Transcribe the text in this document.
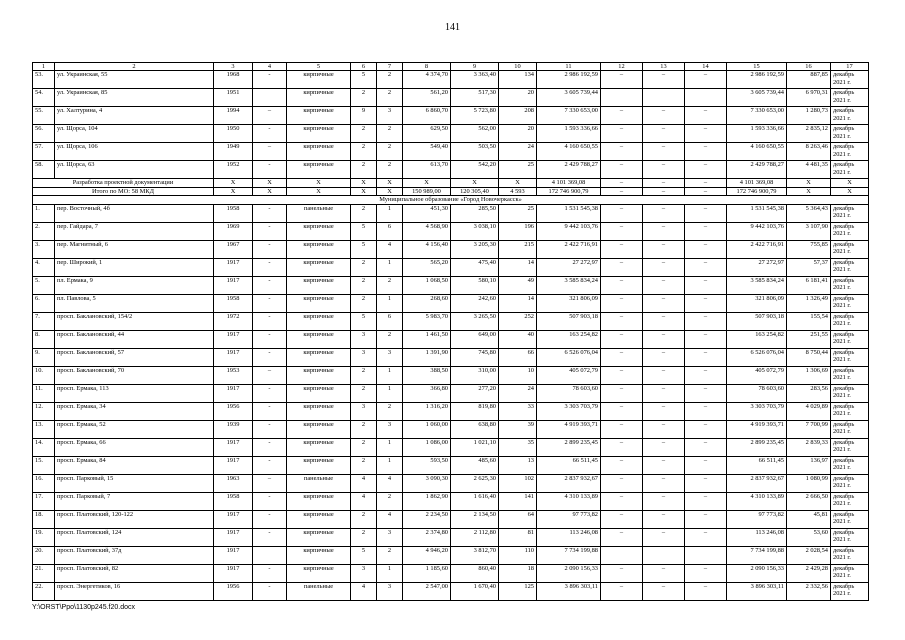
141
1	2	3	4	5	6	7	8	9	10	11	12	13	14	15	16	17
53.	ул. Украинская, 55	1968	-	кирпичные	5	2	4 374,70	3 363,40	134	2 986 192,59	–	–	–	2 986 192,59	887,85	декабрь 2021 г.
54.	ул. Украинская, 85	1951		кирпичные	2	2	561,20	517,30	20	3 605 739,44				3 605 739,44	6 970,31	декабрь 2021 г.
55.	ул. Халтурина, 4	1994	–	кирпичные	9	3	6 860,70	5 723,80	208	7 330 653,00	–	–	–	7 330 653,00	1 280,73	декабрь 2021 г.
56.	ул. Щорса, 104	1950	-	кирпичные	2	2	629,50	562,00	20	1 593 336,66	–	–	–	1 593 336,66	2 835,12	декабрь 2021 г.
57.	ул. Щорса, 106	1949	–	кирпичные	2	2	549,40	503,50	24	4 160 650,55	–	–	–	4 160 650,55	8 263,46	декабрь 2021 г.
58.	ул. Щорса, 63	1952	-	кирпичные	2	2	613,70	542,20	25	2 429 788,27	–	–	–	2 429 788,27	4 481,35	декабрь 2021 г.
Разработка проектной документации		X	X	X	X	X	X	X	X	4 101 369,08	–	–	–	4 101 369,08	X	X
Итого по МО: 58 МКД		X	X	X	X	X	150 989,00	120 305,40	4 593	172 746 900,79	–	–	–	172 746 900,79	X	X
Муниципальное образование «Город Новочеркасск»																
1.	пер. Восточный, 4б	1958	-	панельные	2	1	451,30	285,50	25	1 531 545,38	–	–	–	1 531 545,38	5 364,43	декабрь 2021 г.
2.	пер. Гайдара, 7	1969	-	кирпичные	5	6	4 568,90	3 038,10	196	9 442 103,76	–	–	–	9 442 103,76	3 107,90	декабрь 2021 г.
3.	пер. Магнитный, 6	1967	-	кирпичные	5	4	4 156,40	3 205,30	215	2 422 716,91	–	–	–	2 422 716,91	755,85	декабрь 2021 г.
4.	пер. Широкий, 1	1917	-	кирпичные	2	1	565,20	475,40	14	27 272,97	–	–	–	27 272,97	57,37	декабрь 2021 г.
5.	пл. Ермака, 9	1917	-	кирпичные	2	2	1 068,50	580,10	49	3 585 834,24	–	–	–	3 585 834,24	6 181,41	декабрь 2021 г.
6.	пл. Павлова, 5	1958	-	кирпичные	2	1	268,60	242,60	14	321 806,09	–	–	–	321 806,09	1 326,49	декабрь 2021 г.
7.	просп. Баклановский, 154/2	1972	-	кирпичные	5	6	5 983,70	3 265,50	252	507 903,18	–	–	–	507 903,18	155,54	декабрь 2021 г.
8.	просп. Баклановский, 44	1917	-	кирпичные	3	2	1 461,50	649,00	40	163 254,82	–	–	–	163 254,82	251,55	декабрь 2021 г.
9.	просп. Баклановский, 57	1917	-	кирпичные	3	3	1 391,90	745,80	66	6 526 076,04	–	–	–	6 526 076,04	8 750,44	декабрь 2021 г.
10.	просп. Баклановский, 70	1953	–	кирпичные	2	1	388,50	310,00	10	405 072,79	–	–	–	405 072,79	1 306,69	декабрь 2021 г.
11.	просп. Ермака, 113	1917	-	кирпичные	2	1	366,80	277,20	24	78 603,60	–	–	–	78 603,60	283,56	декабрь 2021 г.
12.	просп. Ермака, 34	1956	-	кирпичные	3	2	1 316,20	819,80	33	3 303 703,79	–	–	–	3 303 703,79	4 029,89	декабрь 2021 г.
13.	просп. Ермака, 52	1939	-	кирпичные	2	3	1 060,00	638,80	39	4 919 393,71	–	–	–	4 919 393,71	7 700,99	декабрь 2021 г.
14.	просп. Ермака, 66	1917	-	кирпичные	2	1	1 086,00	1 021,10	35	2 899 235,45	–	–	–	2 899 235,45	2 839,33	декабрь 2021 г.
15.	просп. Ермака, 84	1917	-	кирпичные	2	1	593,50	485,60	13	66 511,45	–	–	–	66 511,45	136,97	декабрь 2021 г.
16.	просп. Парковый, 15	1963	–	панельные	4	4	3 090,30	2 625,30	102	2 837 932,67	–	–	–	2 837 932,67	1 080,99	декабрь 2021 г.
17.	просп. Парковый, 7	1958	-	кирпичные	4	2	1 862,90	1 616,40	141	4 310 133,89	–	–	–	4 310 133,89	2 666,50	декабрь 2021 г.
18.	просп. Платовский, 120-122	1917	-	кирпичные	2	4	2 234,50	2 134,50	64	97 773,82	–	–	–	97 773,82	45,81	декабрь 2021 г.
19.	просп. Платовский, 124	1917	-	кирпичные	2	3	2 374,80	2 112,80	81	113 246,08	–	–	–	113 246,08	53,60	декабрь 2021 г.
20.	просп. Платовский, 37д	1917		кирпичные	5	2	4 946,20	3 812,70	110	7 734 199,88				7 734 199,88	2 028,54	декабрь 2021 г.
21.	просп. Платовский, 82	1917	-	кирпичные	3	1	1 185,60	860,40	18	2 090 156,33	–	–	–	2 090 156,33	2 429,28	декабрь 2021 г.
22.	просп. Энергетиков, 16	1956	-	панельные	4	3	2 547,00	1 670,40	125	3 896 303,11	–	–	–	3 896 303,11	2 332,56	декабрь 2021 г.
Y:\ORST\Ppo\1130p245.f20.docx
